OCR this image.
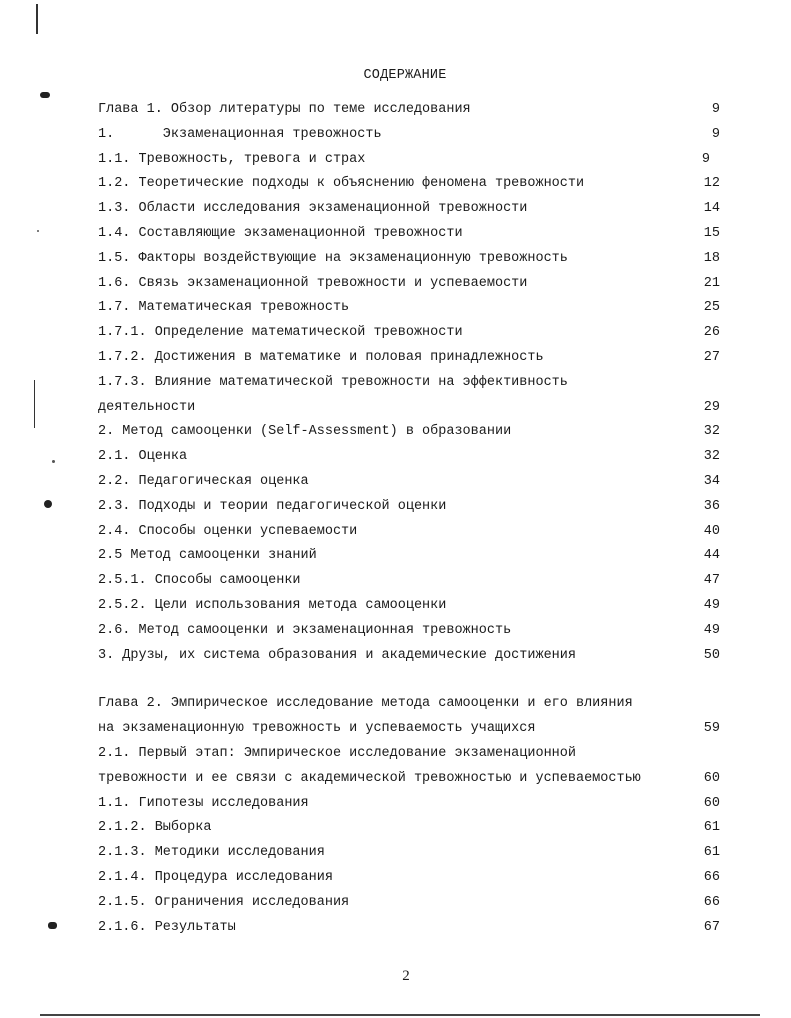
СОДЕРЖАНИЕ
Глава 1. Обзор литературы по теме исследования	9
1.      Экзаменационная тревожность	9
1.1. Тревожность, тревога и страх	9
1.2. Теоретические подходы к объяснению феномена тревожности	12
1.3. Области исследования экзаменационной тревожности	14
1.4. Составляющие экзаменационной тревожности	15
1.5. Факторы воздействующие на экзаменационную тревожность	18
1.6. Связь экзаменационной тревожности и успеваемости	21
1.7. Математическая тревожность	25
1.7.1. Определение математической тревожности	26
1.7.2. Достижения в математике и половая принадлежность	27
1.7.3. Влияние математической тревожности на эффективность
деятельности	29
2. Метод самооценки (Self-Assessment) в образовании	32
2.1. Оценка	32
2.2. Педагогическая оценка	34
2.3. Подходы и теории педагогической оценки	36
2.4. Способы оценки успеваемости	40
2.5 Метод самооценки знаний	44
2.5.1. Способы самооценки	47
2.5.2. Цели использования метода самооценки	49
2.6. Метод самооценки и экзаменационная тревожность	49
3. Друзы, их система образования и академические достижения	50
Глава 2. Эмпирическое исследование метода самооценки и его влияния
на экзаменационную тревожность и успеваемость учащихся	59
2.1. Первый этап: Эмпирическое исследование экзаменационной
тревожности и ее связи с академической тревожностью и успеваемостью	60
1.1. Гипотезы исследования	60
2.1.2. Выборка	61
2.1.3. Методики исследования	61
2.1.4. Процедура исследования	66
2.1.5. Ограничения исследования	66
2.1.6. Результаты	67
2
